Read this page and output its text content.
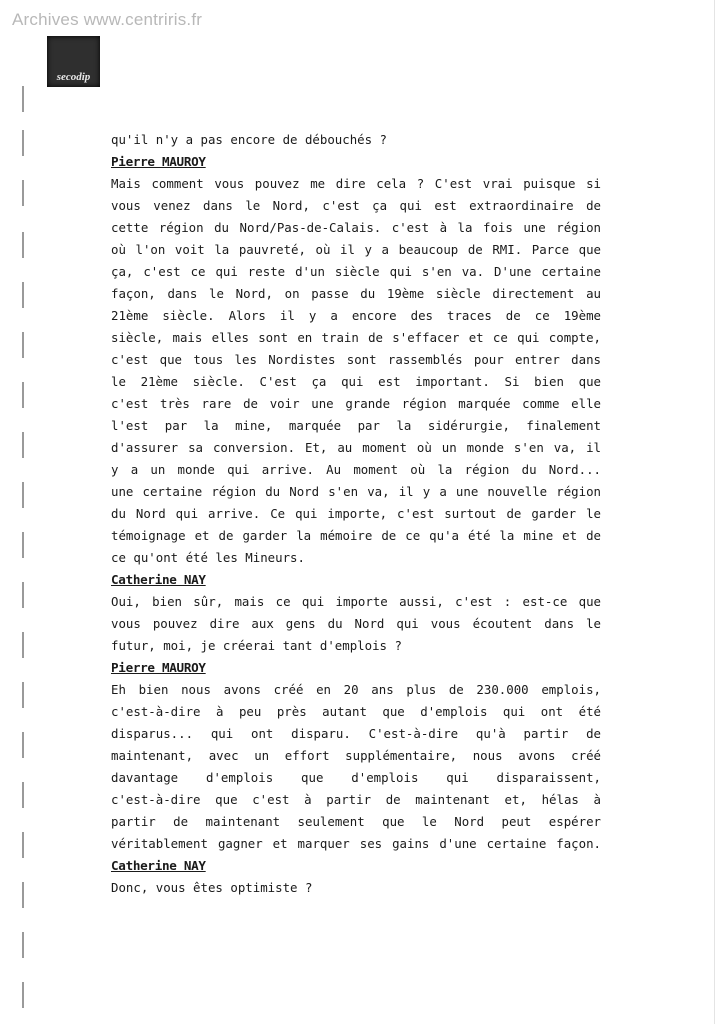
Archives www.centriris.fr
secodip
qu'il n'y a pas encore de débouchés ?
Pierre MAUROY
Mais comment vous pouvez me dire cela ? C'est vrai puisque si
vous venez dans le Nord, c'est ça qui est extraordinaire de
cette région du Nord/Pas-de-Calais. c'est à la fois une région
où l'on voit la pauvreté, où il y a beaucoup de RMI. Parce que
ça, c'est ce qui reste d'un siècle qui s'en va. D'une certaine
façon, dans le Nord, on passe du 19ème siècle directement au
21ème siècle. Alors il y a encore des traces de ce 19ème
siècle, mais elles sont en train de s'effacer et ce qui compte,
c'est que tous les Nordistes sont rassemblés pour entrer dans
le 21ème siècle. C'est ça qui est important. Si bien que
c'est très rare de voir une grande région marquée comme elle
l'est par la mine, marquée par la sidérurgie, finalement
d'assurer sa conversion. Et, au moment où un monde s'en va, il
y a un monde qui arrive. Au moment où la région du Nord...
une certaine région du Nord s'en va, il y a une nouvelle région
du Nord qui arrive. Ce qui importe, c'est surtout de garder le
témoignage et de garder la mémoire de ce qu'a été la mine et de
ce qu'ont été les Mineurs.
Catherine NAY
Oui, bien sûr, mais ce qui importe aussi, c'est : est-ce que
vous pouvez dire aux gens du Nord qui vous écoutent dans le
futur, moi, je créerai tant d'emplois ?
Pierre MAUROY
Eh bien nous avons créé en 20 ans plus de 230.000 emplois,
c'est-à-dire à peu près autant que d'emplois qui ont été
disparus... qui ont disparu. C'est-à-dire qu'à partir de
maintenant, avec un effort supplémentaire, nous avons créé
davantage d'emplois que d'emplois qui disparaissent,
c'est-à-dire que c'est à partir de maintenant et, hélas à
partir de maintenant seulement que le Nord peut espérer
véritablement gagner et marquer ses gains d'une certaine façon.
Catherine NAY
Donc, vous êtes optimiste ?
